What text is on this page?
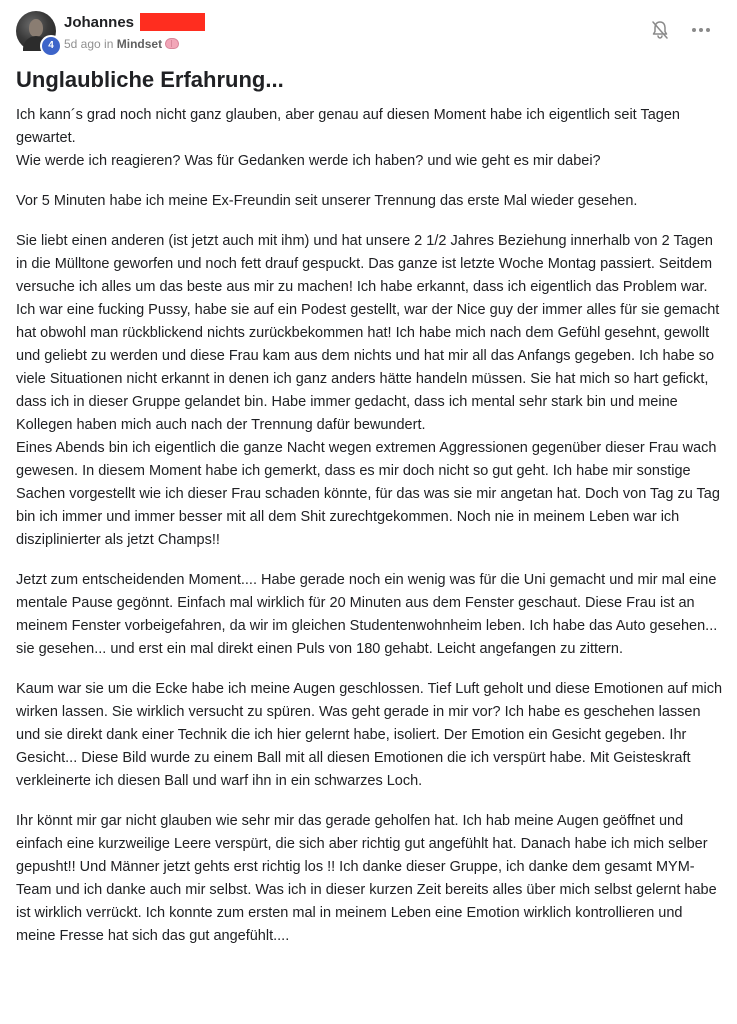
4
Johannes
5d ago in Mindset
Unglaubliche Erfahrung...

Ich kann´s grad noch nicht ganz glauben, aber genau auf diesen Moment habe ich eigentlich seit Tagen gewartet.
Wie werde ich reagieren? Was für Gedanken werde ich haben? und wie geht es mir dabei?

Vor 5 Minuten habe ich meine Ex-Freundin seit unserer Trennung das erste Mal wieder gesehen.

Sie liebt einen anderen (ist jetzt auch mit ihm) und hat unsere 2 1/2 Jahres Beziehung innerhalb von 2 Tagen in die Mülltone geworfen und noch fett drauf gespuckt. Das ganze ist letzte Woche Montag passiert. Seitdem versuche ich alles um das beste aus mir zu machen! Ich habe erkannt, dass ich eigentlich das Problem war. Ich war eine fucking Pussy, habe sie auf ein Podest gestellt, war der Nice guy der immer alles für sie gemacht hat obwohl man rückblickend nichts zurückbekommen hat! Ich habe mich nach dem Gefühl gesehnt, gewollt und geliebt zu werden und diese Frau kam aus dem nichts und hat mir all das Anfangs gegeben. Ich habe so viele Situationen nicht erkannt in denen ich ganz anders hätte handeln müssen. Sie hat mich so hart gefickt, dass ich in dieser Gruppe gelandet bin. Habe immer gedacht, dass ich mental sehr stark bin und meine Kollegen haben mich auch nach der Trennung dafür bewundert.
Eines Abends bin ich eigentlich die ganze Nacht wegen extremen Aggressionen gegenüber dieser Frau wach gewesen. In diesem Moment habe ich gemerkt, dass es mir doch nicht so gut geht. Ich habe mir sonstige Sachen vorgestellt wie ich dieser Frau schaden könnte, für das was sie mir angetan hat. Doch von Tag zu Tag bin ich immer und immer besser mit all dem Shit zurechtgekommen. Noch nie in meinem Leben war ich disziplinierter als jetzt Champs!!

Jetzt zum entscheidenden Moment.... Habe gerade noch ein wenig was für die Uni gemacht und mir mal eine mentale Pause gegönnt. Einfach mal wirklich für 20 Minuten aus dem Fenster geschaut. Diese Frau ist an meinem Fenster vorbeigefahren, da wir im gleichen Studentenwohnheim leben. Ich habe das Auto gesehen... sie gesehen... und erst ein mal direkt einen Puls von 180 gehabt. Leicht angefangen zu zittern.

Kaum war sie um die Ecke habe ich meine Augen geschlossen. Tief Luft geholt und diese Emotionen auf mich wirken lassen. Sie wirklich versucht zu spüren. Was geht gerade in mir vor? Ich habe es geschehen lassen und sie direkt dank einer Technik die ich hier gelernt habe, isoliert. Der Emotion ein Gesicht gegeben. Ihr Gesicht... Diese Bild wurde zu einem Ball mit all diesen Emotionen die ich verspürt habe. Mit Geisteskraft verkleinerte ich diesen Ball und warf ihn in ein schwarzes Loch.

Ihr könnt mir gar nicht glauben wie sehr mir das gerade geholfen hat. Ich hab meine Augen geöffnet und einfach eine kurzweilige Leere verspürt, die sich aber richtig gut angefühlt hat. Danach habe ich mich selber gepusht!! Und Männer jetzt gehts erst richtig los !! Ich danke dieser Gruppe, ich danke dem gesamt MYM-Team und ich danke auch mir selbst. Was ich in dieser kurzen Zeit bereits alles über mich selbst gelernt habe ist wirklich verrückt. Ich konnte zum ersten mal in meinem Leben eine Emotion wirklich kontrollieren und meine Fresse hat sich das gut angefühlt....
